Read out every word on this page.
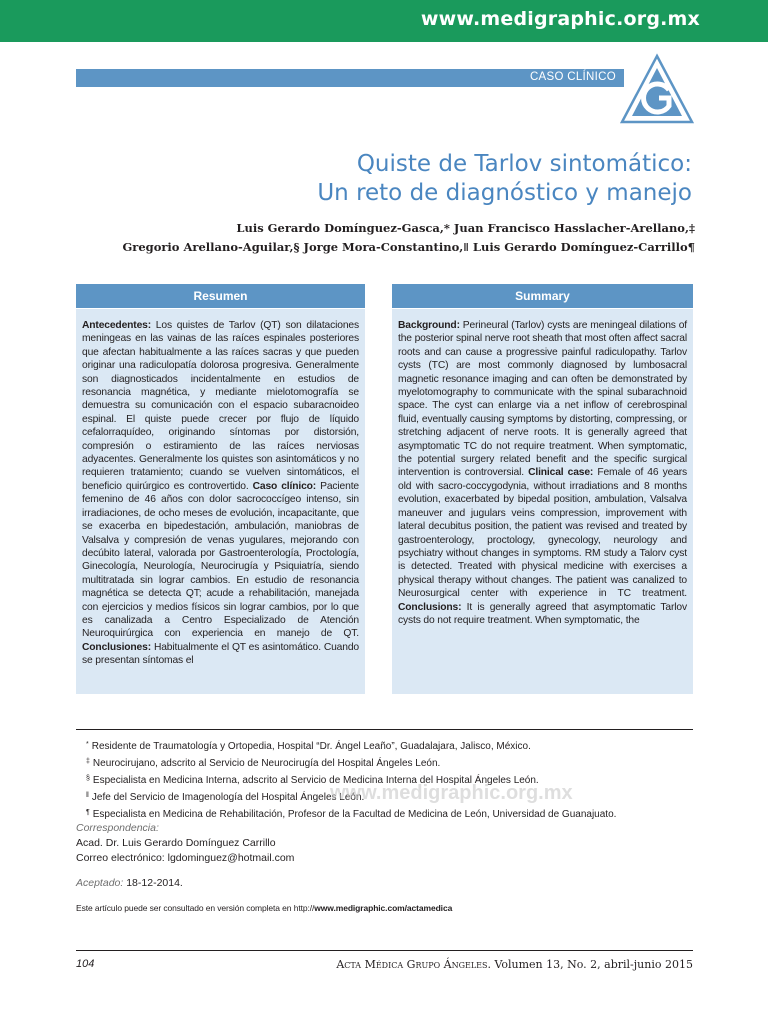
www.medigraphic.org.mx
CASO CLÍNICO
Quiste de Tarlov sintomático:
Un reto de diagnóstico y manejo
Luis Gerardo Domínguez-Gasca,* Juan Francisco Hasslacher-Arellano,‡
Gregorio Arellano-Aguilar,§ Jorge Mora-Constantino,ǁ Luis Gerardo Domínguez-Carrillo¶
Resumen	Summary

Antecedentes: Los quistes de Tarlov (QT) son dilataciones meningeas en las vainas de las raíces espinales posteriores que afectan habitualmente a las raíces sacras y que pueden originar una radiculopatía dolorosa progresiva. Generalmente son diagnosticados incidentalmente en estudios de resonancia magnética, y mediante mielotomografía se demuestra su comunicación con el espacio subaracnoideo espinal. El quiste puede crecer por flujo de líquido cefalorraquídeo, originando síntomas por distorsión, compresión o estiramiento de las raíces nerviosas adyacentes. Generalmente los quistes son asintomáticos y no requieren tratamiento; cuando se vuelven sintomáticos, el beneficio quirúrgico es controvertido. Caso clínico: Paciente femenino de 46 años con dolor sacrococcígeo intenso, sin irradiaciones, de ocho meses de evolución, incapacitante, que se exacerba en bipedestación, ambulación, maniobras de Valsalva y compresión de venas yugulares, mejorando con decúbito lateral, valorada por Gastroenterología, Proctología, Ginecología, Neurología, Neurocirugía y Psiquiatría, siendo multitratada sin lograr cambios. En estudio de resonancia magnética se detecta QT; acude a rehabilitación, manejada con ejercicios y medios físicos sin lograr cambios, por lo que es canalizada a Centro Especializado de Atención Neuroquirúrgica con experiencia en manejo de QT. Conclusiones: Habitualmente el QT es asintomático. Cuando se presentan síntomas el

Background: Perineural (Tarlov) cysts are meningeal dilations of the posterior spinal nerve root sheath that most often affect sacral roots and can cause a progressive painful radiculopathy. Tarlov cysts (TC) are most commonly diagnosed by lumbosacral magnetic resonance imaging and can often be demonstrated by myelotomography to communicate with the spinal subarachnoid space. The cyst can enlarge via a net inflow of cerebrospinal fluid, eventually causing symptoms by distorting, compressing, or stretching adjacent of nerve roots. It is generally agreed that asymptomatic TC do not require treatment. When symptomatic, the potential surgery related benefit and the specific surgical intervention is controversial. Clinical case: Female of 46 years old with sacro-coccygodynia, without irradiations and 8 months evolution, exacerbated by bipedal position, ambulation, Valsalva maneuver and jugulars veins compression, improvement with lateral decubitus position, the patient was revised and treated by gastroenterology, proctology, gynecology, neurology and psychiatry without changes in symptoms. RM study a Talorv cyst is detected. Treated with physical medicine with exercises a physical therapy without changes. The patient was canalized to Neurosurgical center with experience in TC treatment. Conclusions: It is generally agreed that asymptomatic Tarlov cysts do not require treatment. When symptomatic, the

* Residente de Traumatología y Ortopedia, Hospital “Dr. Ángel Leaño”, Guadalajara, Jalisco, México.
‡ Neurocirujano, adscrito al Servicio de Neurocirugía del Hospital Ángeles León.
§ Especialista en Medicina Interna, adscrito al Servicio de Medicina Interna del Hospital Ángeles León.
$^ǁ$ Jefe del Servicio de Imagenología del Hospital Ángeles León.
¶ Especialista en Medicina de Rehabilitación, Profesor de la Facultad de Medicina de León, Universidad de Guanajuato.
www.medigraphic.org.mx
Correspondencia:
Acad. Dr. Luis Gerardo Domínguez Carrillo
Correo electrónico: lgdominguez@hotmail.com
Aceptado: 18-12-2014.
Este artículo puede ser consultado en versión completa en http://www.medigraphic.com/actamedica
104	Acta Médica Grupo Ángeles. Volumen 13, No. 2, abril-junio 2015
